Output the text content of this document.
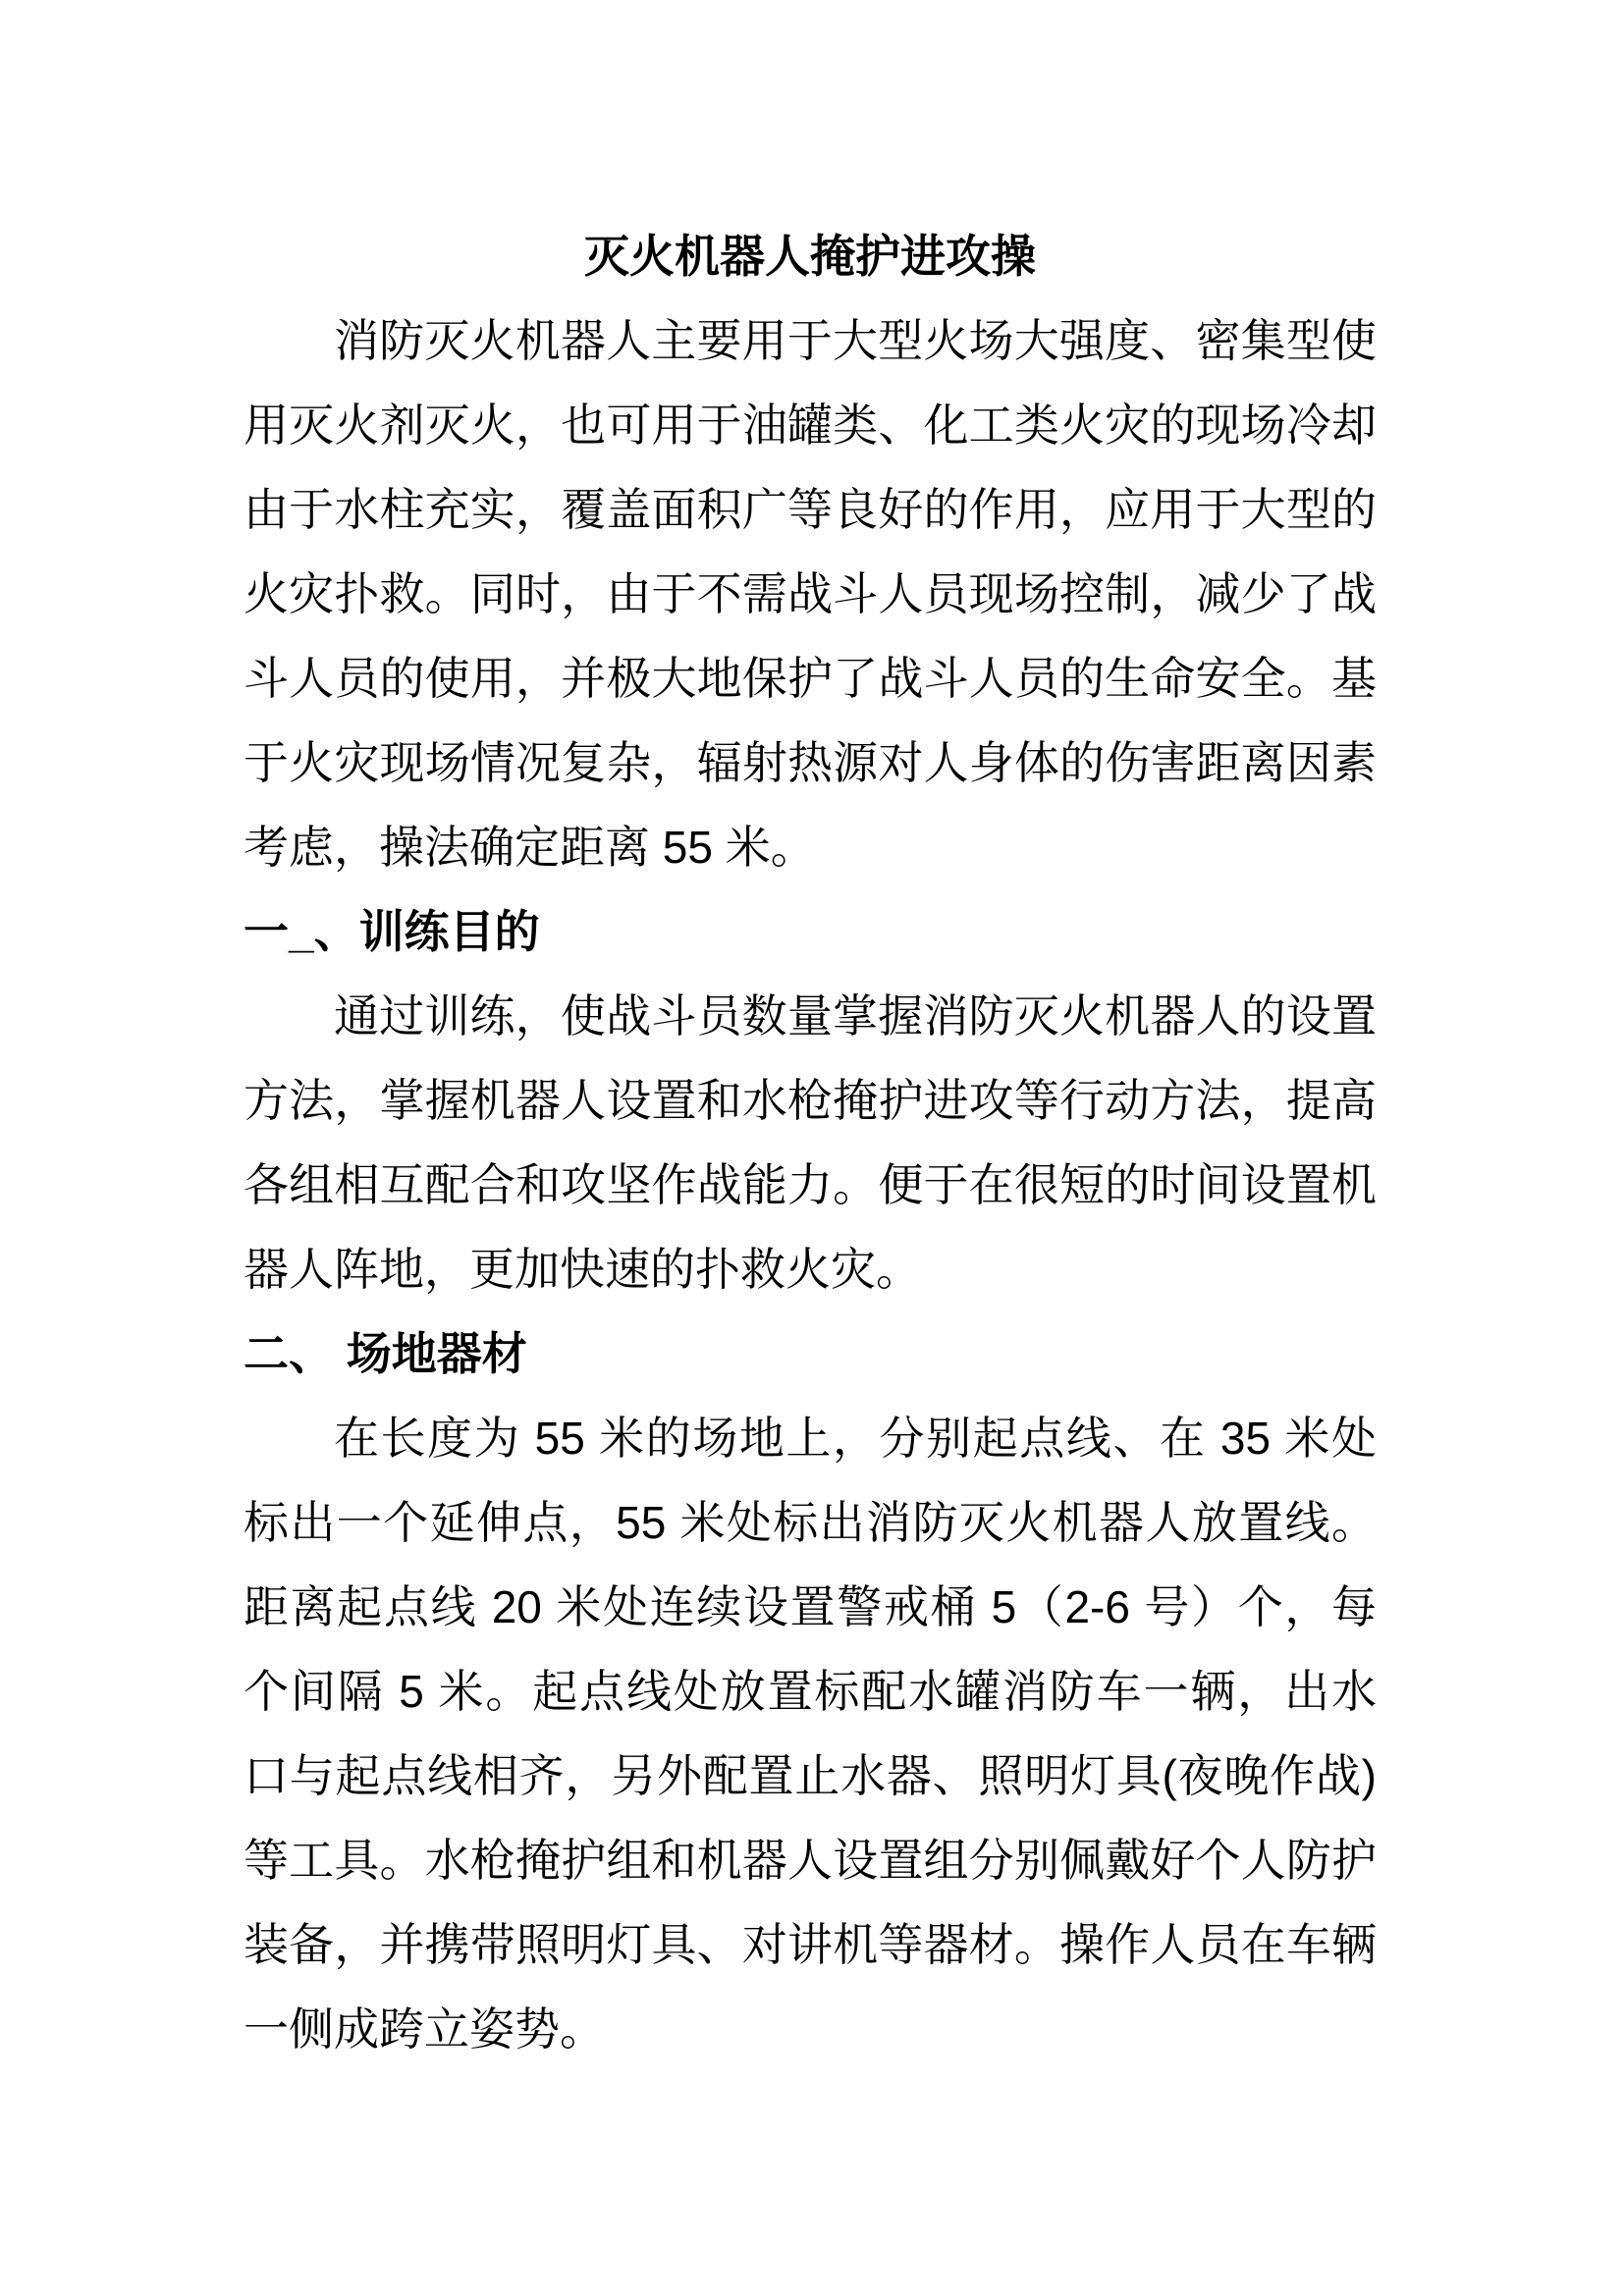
灭火机器人掩护进攻操

消防灭火机器人主要用于大型火场大强度、密集型使用灭火剂灭火，也可用于油罐类、化工类火灾的现场冷却由于水柱充实，覆盖面积广等良好的作用，应用于大型的火灾扑救。同时，由于不需战斗人员现场控制，减少了战斗人员的使用，并极大地保护了战斗人员的生命安全。基于火灾现场情况复杂，辐射热源对人身体的伤害距离因素考虑，操法确定距离 55 米。

一_、训练目的

通过训练，使战斗员数量掌握消防灭火机器人的设置方法，掌握机器人设置和水枪掩护进攻等行动方法，提高各组相互配合和攻坚作战能力。便于在很短的时间设置机器人阵地，更加快速的扑救火灾。

二、 场地器材

在长度为 55 米的场地上，分别起点线、在 35 米处标出一个延伸点，55 米处标出消防灭火机器人放置线。距离起点线 20 米处连续设置警戒桶 5（2-6 号）个，每个间隔 5 米。起点线处放置标配水罐消防车一辆，出水口与起点线相齐，另外配置止水器、照明灯具(夜晚作战)等工具。水枪掩护组和机器人设置组分别佩戴好个人防护装备，并携带照明灯具、对讲机等器材。操作人员在车辆一侧成跨立姿势。
